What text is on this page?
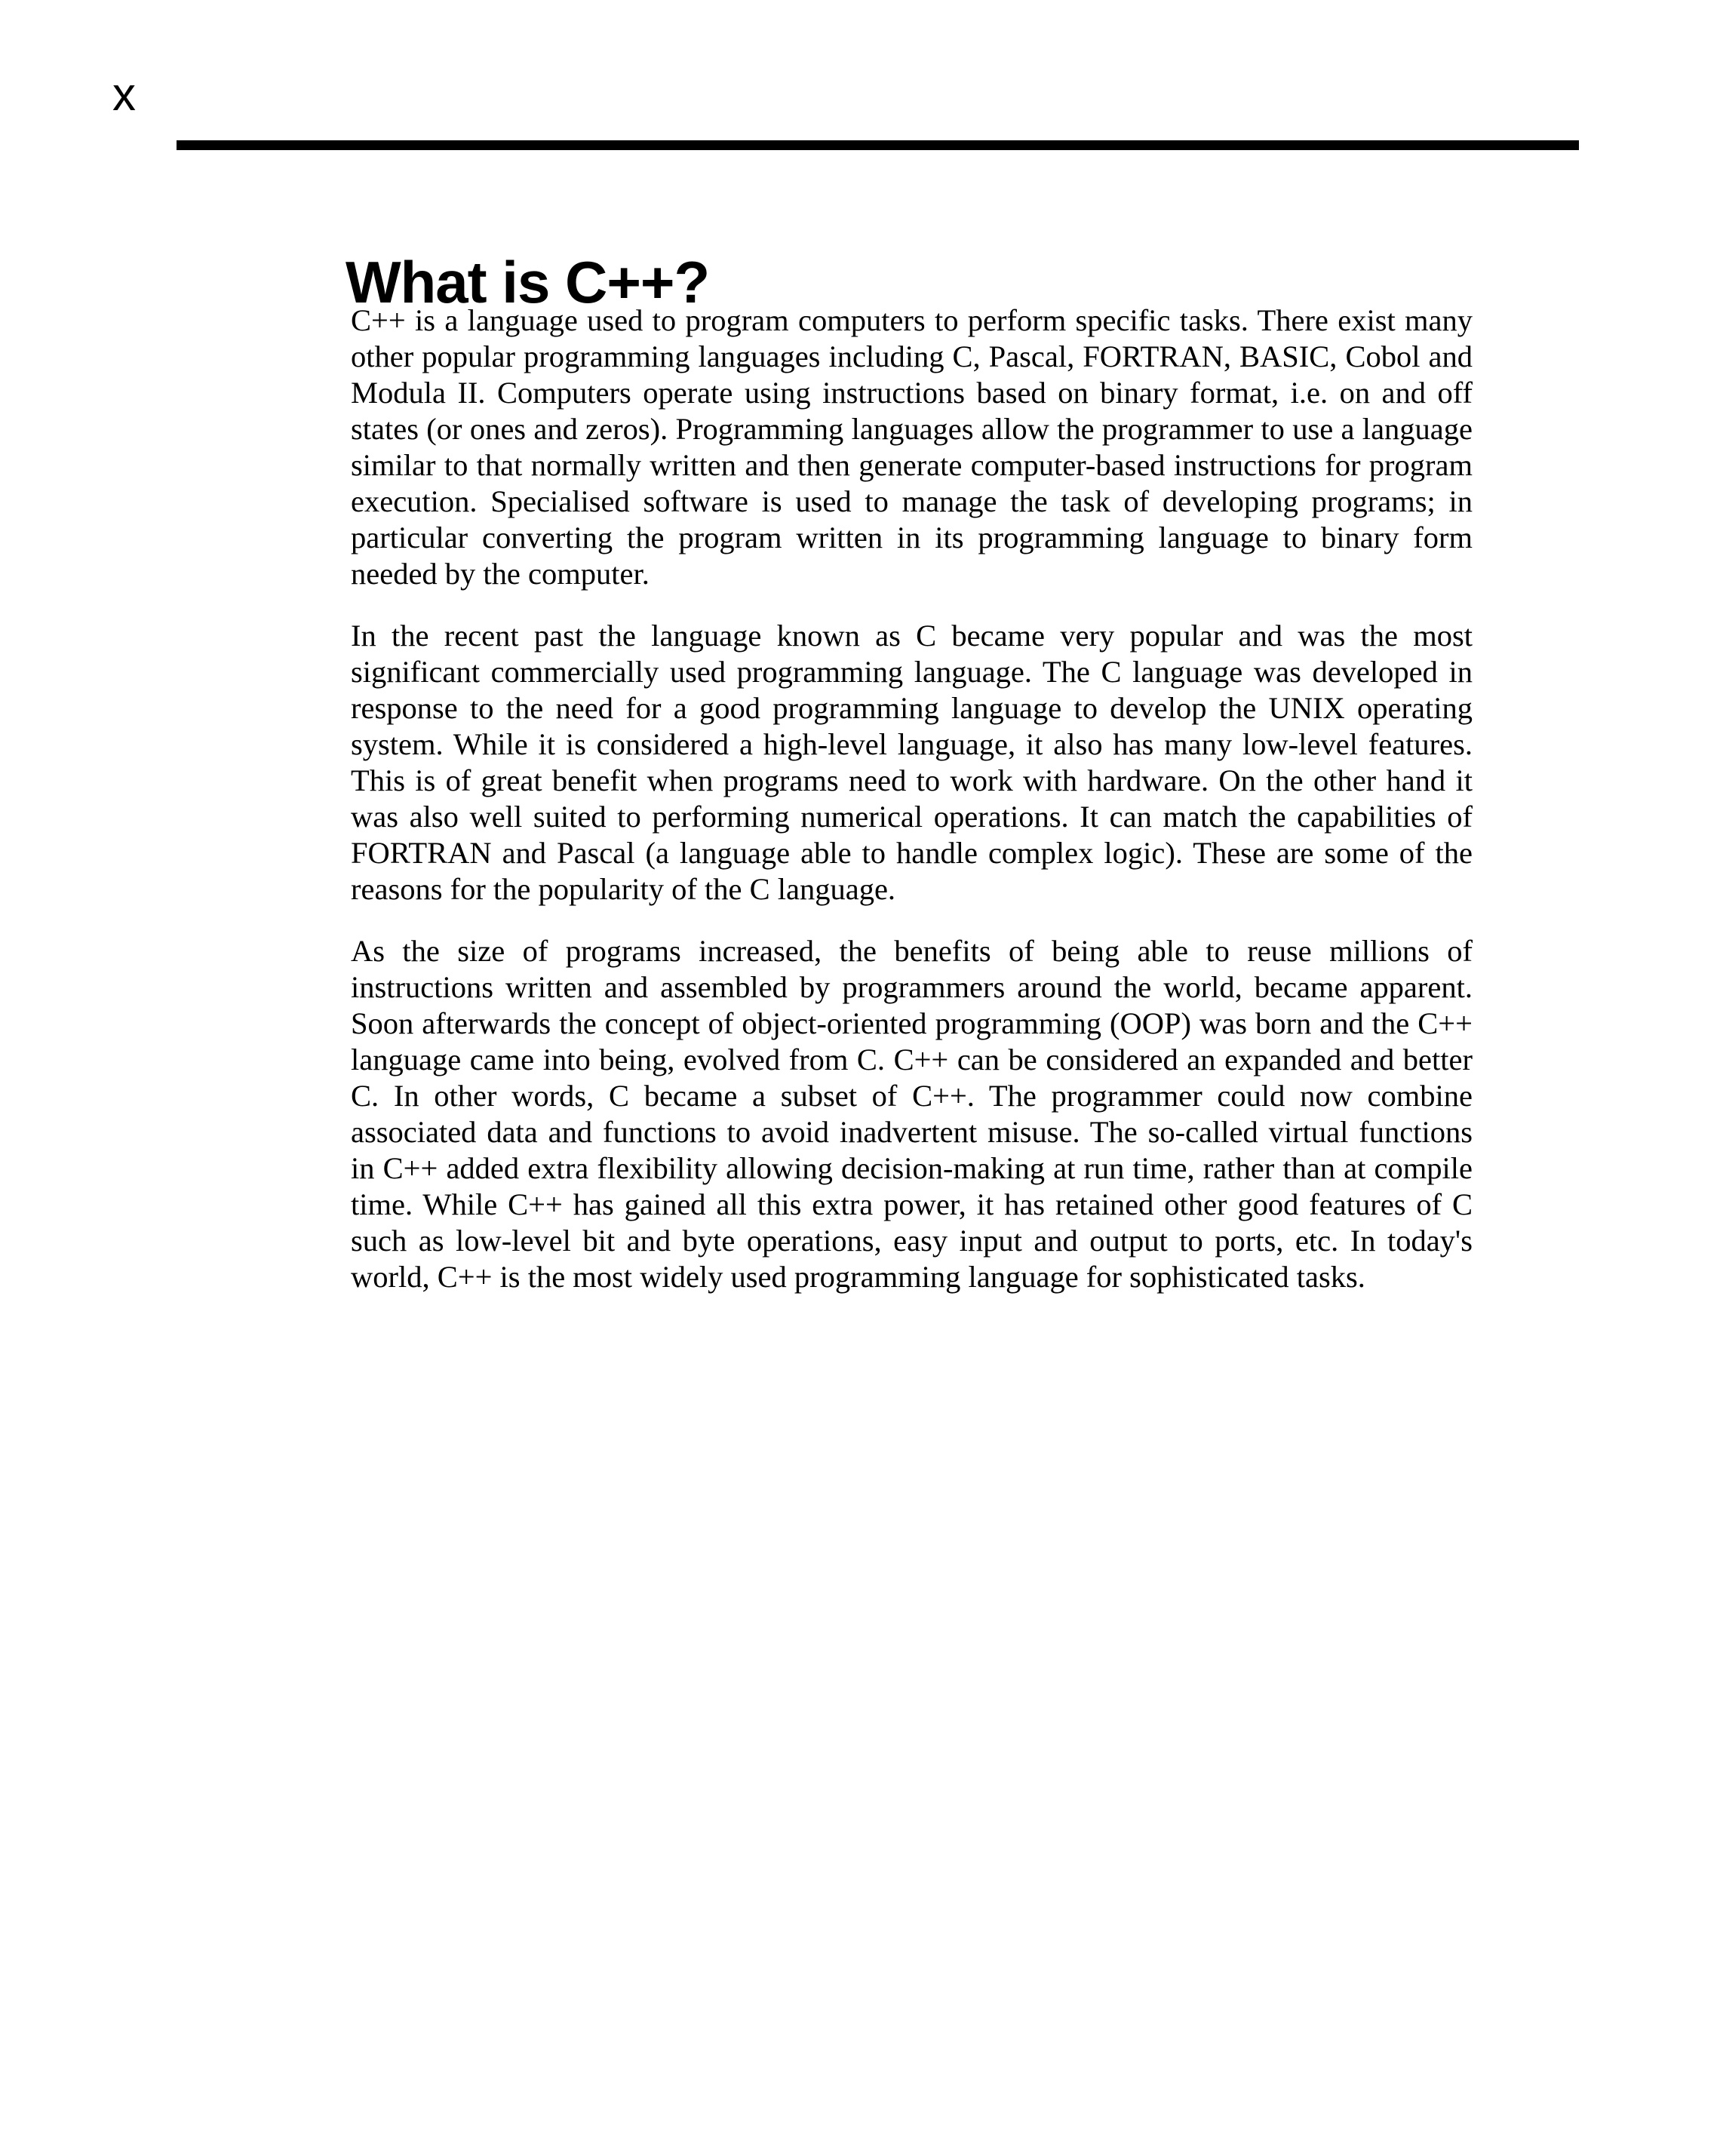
x
What is C++?

C++ is a language used to program computers to perform specific tasks. There exist many other popular programming languages including C, Pascal, FORTRAN, BASIC, Cobol and Modula II. Computers operate using instructions based on binary format, i.e. on and off states (or ones and zeros). Programming languages allow the programmer to use a language similar to that normally written and then generate computer-based instructions for program execution. Specialised software is used to manage the task of developing programs; in particular converting the program written in its programming language to binary form needed by the computer.

In the recent past the language known as C became very popular and was the most significant commercially used programming language. The C language was developed in response to the need for a good programming language to develop the UNIX operating system. While it is considered a high-level language, it also has many low-level features. This is of great benefit when programs need to work with hardware. On the other hand it was also well suited to performing numerical operations. It can match the capabilities of FORTRAN and Pascal (a language able to handle complex logic). These are some of the reasons for the popularity of the C language.

As the size of programs increased, the benefits of being able to reuse millions of instructions written and assembled by programmers around the world, became apparent. Soon afterwards the concept of object-oriented programming (OOP) was born and the C++ language came into being, evolved from C. C++ can be considered an expanded and better C. In other words, C became a subset of C++. The programmer could now combine associated data and functions to avoid inadvertent misuse. The so-called virtual functions in C++ added extra flexibility allowing decision-making at run time, rather than at compile time. While C++ has gained all this extra power, it has retained other good features of C such as low-level bit and byte operations, easy input and output to ports, etc. In today's world, C++ is the most widely used programming language for sophisticated tasks.
